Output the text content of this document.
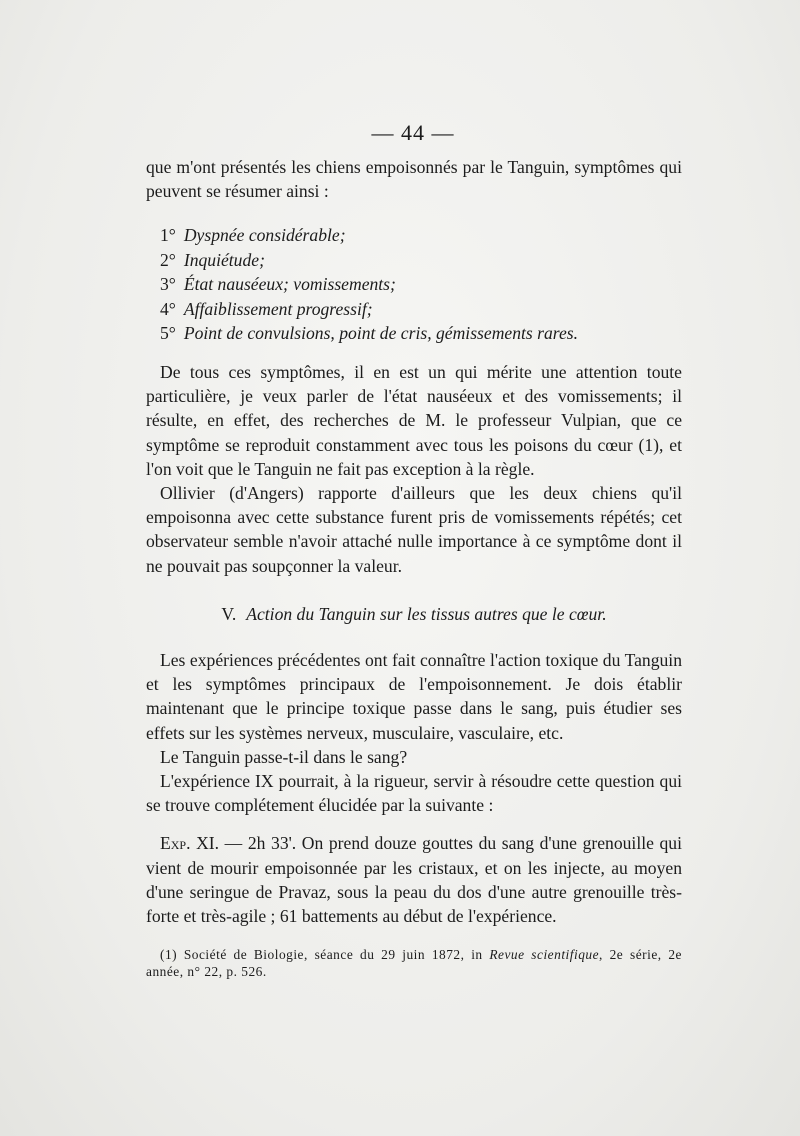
— 44 —

que m'ont présentés les chiens empoisonnés par le Tanguin, symptômes qui peuvent se résumer ainsi :

1° Dyspnée considérable;
2° Inquiétude;
3° État nauséeux; vomissements;
4° Affaiblissement progressif;
5° Point de convulsions, point de cris, gémissements rares.

De tous ces symptômes, il en est un qui mérite une attention toute particulière, je veux parler de l'état nauséeux et des vomissements; il résulte, en effet, des recherches de M. le professeur Vulpian, que ce symptôme se reproduit constamment avec tous les poisons du cœur (1), et l'on voit que le Tanguin ne fait pas exception à la règle.

Ollivier (d'Angers) rapporte d'ailleurs que les deux chiens qu'il empoisonna avec cette substance furent pris de vomissements répétés; cet observateur semble n'avoir attaché nulle importance à ce symptôme dont il ne pouvait pas soupçonner la valeur.

V. Action du Tanguin sur les tissus autres que le cœur.

Les expériences précédentes ont fait connaître l'action toxique du Tanguin et les symptômes principaux de l'empoisonnement. Je dois établir maintenant que le principe toxique passe dans le sang, puis étudier ses effets sur les systèmes nerveux, musculaire, vasculaire, etc.

Le Tanguin passe-t-il dans le sang?

L'expérience IX pourrait, à la rigueur, servir à résoudre cette question qui se trouve complétement élucidée par la suivante :

Exp. XI. — 2h 33'. On prend douze gouttes du sang d'une grenouille qui vient de mourir empoisonnée par les cristaux, et on les injecte, au moyen d'une seringue de Pravaz, sous la peau du dos d'une autre grenouille très-forte et très-agile ; 61 battements au début de l'expérience.

(1) Société de Biologie, séance du 29 juin 1872, in Revue scientifique, 2e série, 2e année, n° 22, p. 526.
